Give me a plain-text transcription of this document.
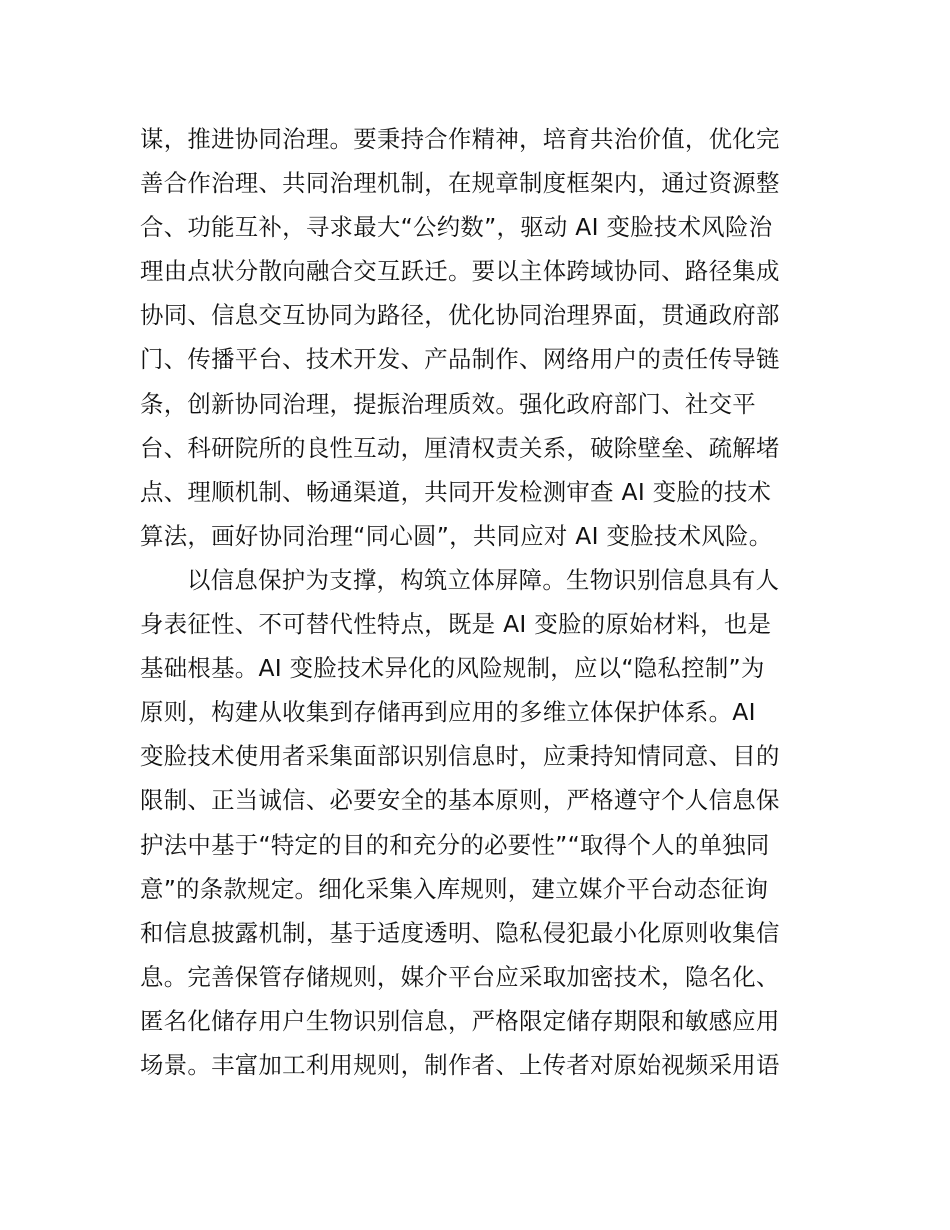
谋，推进协同治理。要秉持合作精神，培育共治价值，优化完
善合作治理、共同治理机制，在规章制度框架内，通过资源整
合、功能互补，寻求最大“公约数”，驱动 AI 变脸技术风险治
理由点状分散向融合交互跃迁。要以主体跨域协同、路径集成
协同、信息交互协同为路径，优化协同治理界面，贯通政府部
门、传播平台、技术开发、产品制作、网络用户的责任传导链
条，创新协同治理，提振治理质效。强化政府部门、社交平
台、科研院所的良性互动，厘清权责关系，破除壁垒、疏解堵
点、理顺机制、畅通渠道，共同开发检测审查 AI 变脸的技术
算法，画好协同治理“同心圆”，共同应对 AI 变脸技术风险。
以信息保护为支撑，构筑立体屏障。生物识别信息具有人
身表征性、不可替代性特点，既是 AI 变脸的原始材料，也是
基础根基。AI 变脸技术异化的风险规制，应以“隐私控制”为
原则，构建从收集到存储再到应用的多维立体保护体系。AI
变脸技术使用者采集面部识别信息时，应秉持知情同意、目的
限制、正当诚信、必要安全的基本原则，严格遵守个人信息保
护法中基于“特定的目的和充分的必要性”“取得个人的单独同
意”的条款规定。细化采集入库规则，建立媒介平台动态征询
和信息披露机制，基于适度透明、隐私侵犯最小化原则收集信
息。完善保管存储规则，媒介平台应采取加密技术，隐名化、
匿名化储存用户生物识别信息，严格限定储存期限和敏感应用
场景。丰富加工利用规则，制作者、上传者对原始视频采用语
